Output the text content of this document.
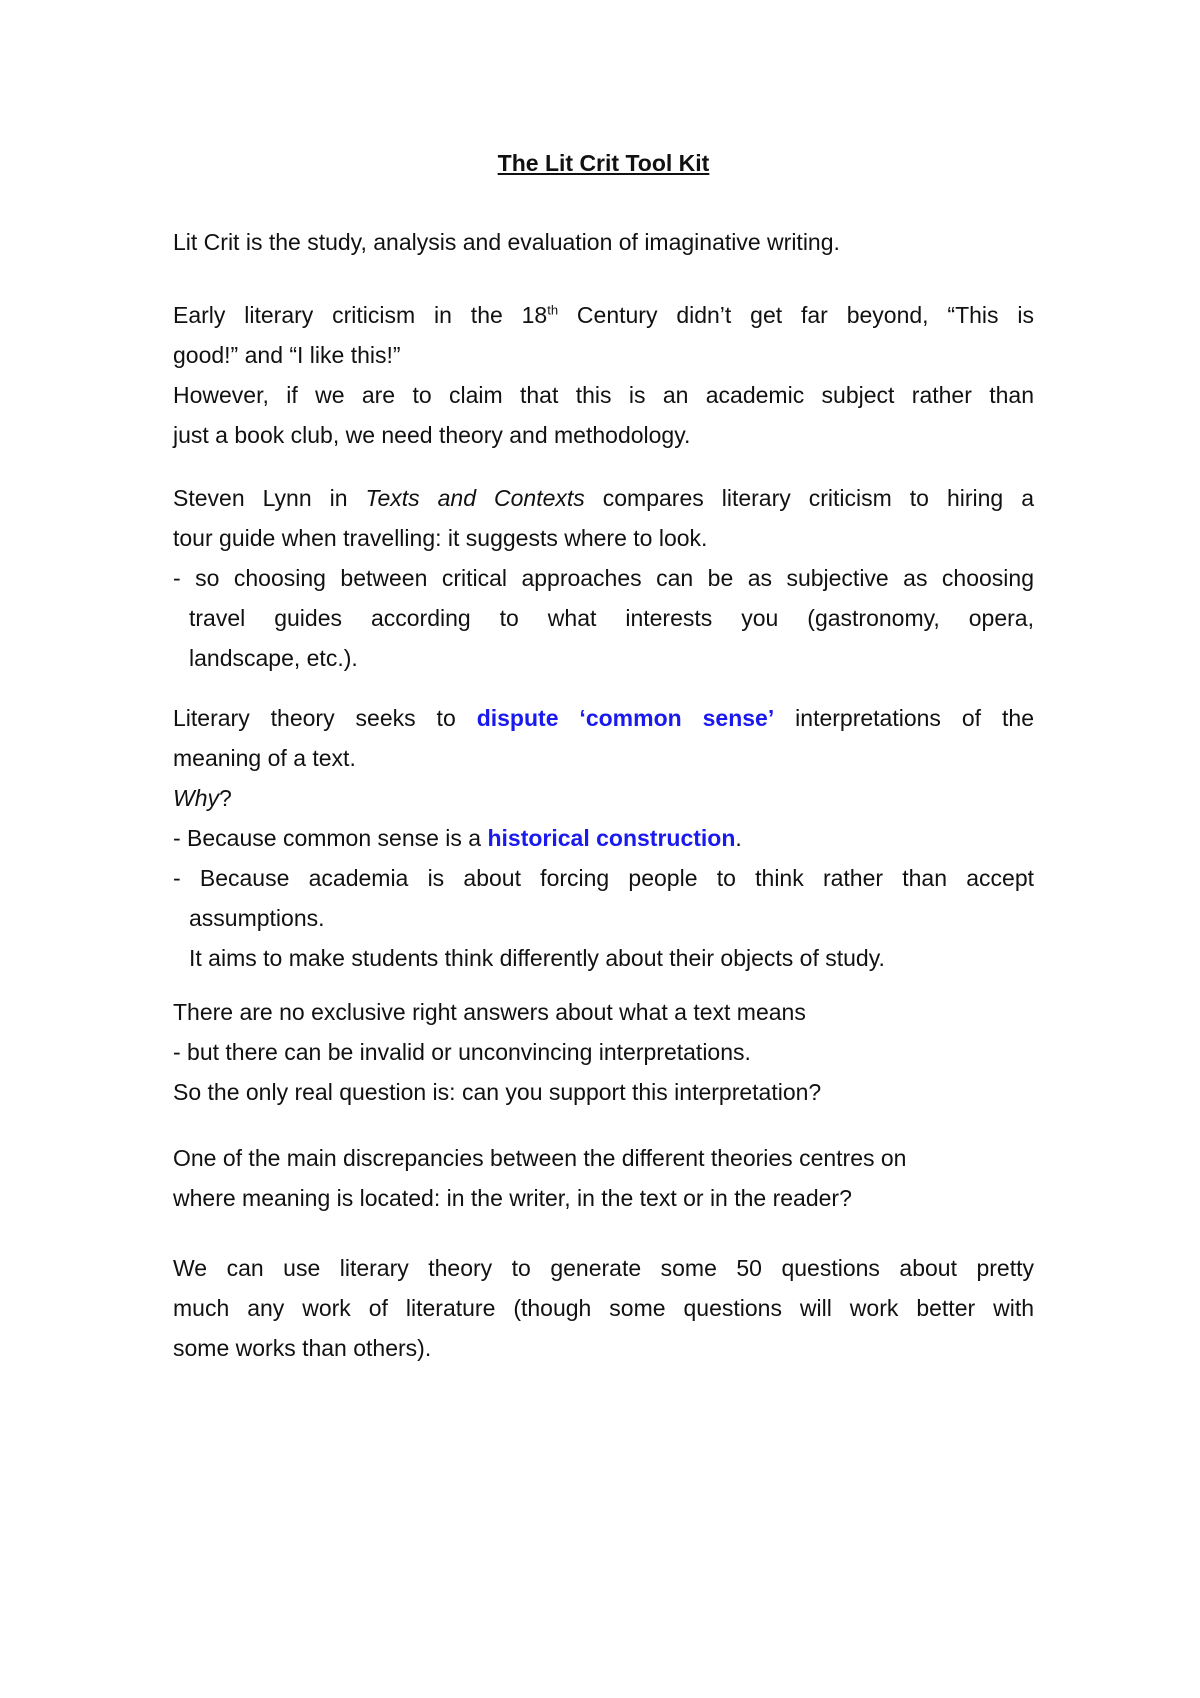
The Lit Crit Tool Kit
Lit Crit is the study, analysis and evaluation of imaginative writing.
Early literary criticism in the 18th Century didn’t get far beyond, “This is
good!” and “I like this!”
However, if we are to claim that this is an academic subject rather than
just a book club, we need theory and methodology.
Steven Lynn in Texts and Contexts compares literary criticism to hiring a
tour guide when travelling: it suggests where to look.
- so choosing between critical approaches can be as subjective as choosing
travel guides according to what interests you (gastronomy, opera,
landscape, etc.).
Literary theory seeks to dispute ‘common sense’ interpretations of the
meaning of a text.
Why?
- Because common sense is a historical construction.
- Because academia is about forcing people to think rather than accept
assumptions.
It aims to make students think differently about their objects of study.
There are no exclusive right answers about what a text means
- but there can be invalid or unconvincing interpretations.
So the only real question is: can you support this interpretation?
One of the main discrepancies between the different theories centres on
where meaning is located: in the writer, in the text or in the reader?
We can use literary theory to generate some 50 questions about pretty
much any work of literature (though some questions will work better with
some works than others).
